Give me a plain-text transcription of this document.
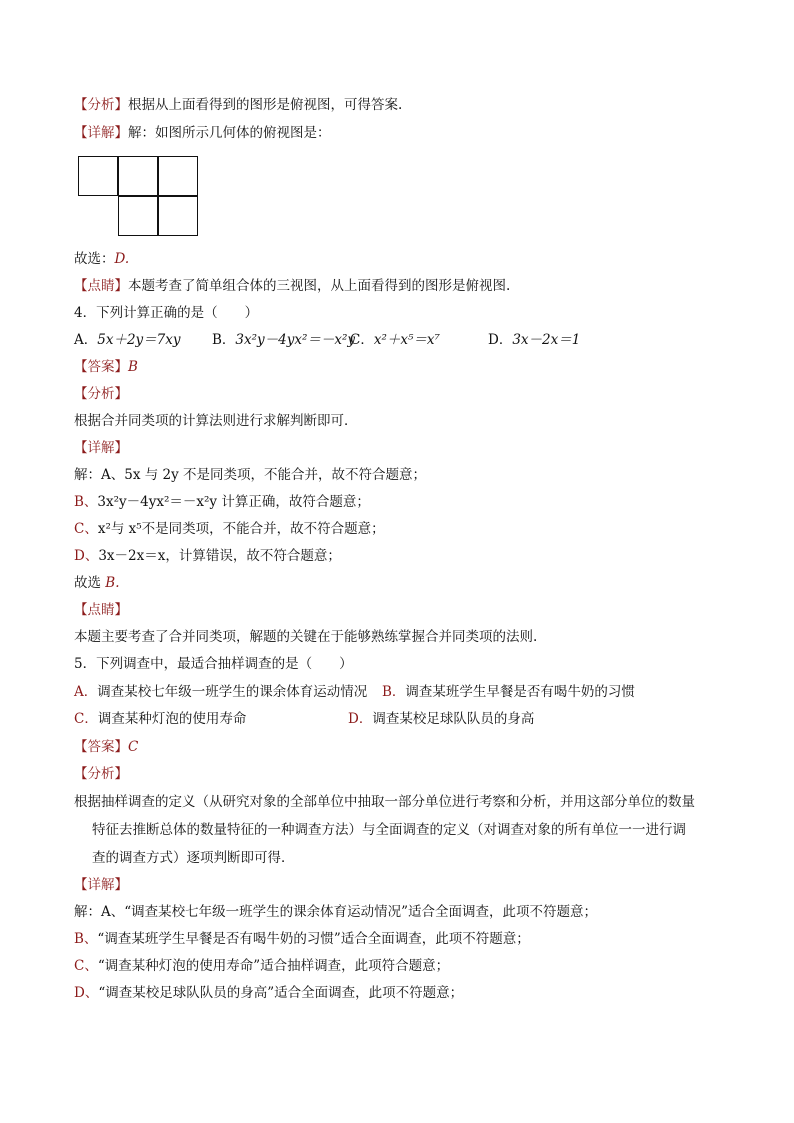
【分析】根据从上面看得到的图形是俯视图，可得答案.
【详解】解：如图所示几何体的俯视图是：
故选：D.
【点睛】本题考查了简单组合体的三视图，从上面看得到的图形是俯视图.
4．下列计算正确的是（　　）
A．5x＋2y＝7xy B．3x²y－4yx²＝－x²y
C．x²＋x⁵＝x⁷	D．3x－2x＝1
【答案】B
【分析】
根据合并同类项的计算法则进行求解判断即可．
【详解】
解：A、5x 与 2y 不是同类项，不能合并，故不符合题意；
B、3x²y－4yx²＝－x²y 计算正确，故符合题意；
C、x²与 x⁵不是同类项，不能合并，故不符合题意；
D、3x－2x＝x，计算错误，故不符合题意；
故选 B.
【点睛】
本题主要考查了合并同类项，解题的关键在于能够熟练掌握合并同类项的法则.
5．下列调查中，最适合抽样调查的是（　　）
A．调查某校七年级一班学生的课余体育运动情况 B．调查某班学生早餐是否有喝牛奶的习惯
C．调查某种灯泡的使用寿命	D．调查某校足球队队员的身高
【答案】C
【分析】
根据抽样调查的定义（从研究对象的全部单位中抽取一部分单位进行考察和分析，并用这部分单位的数量
特征去推断总体的数量特征的一种调查方法）与全面调查的定义（对调查对象的所有单位一一进行调
查的调查方式）逐项判断即可得．
【详解】
解：A、“调查某校七年级一班学生的课余体育运动情况”适合全面调查，此项不符题意；
B、“调查某班学生早餐是否有喝牛奶的习惯”适合全面调查，此项不符题意；
C、“调查某种灯泡的使用寿命”适合抽样调查，此项符合题意；
D、“调查某校足球队队员的身高”适合全面调查，此项不符题意；
